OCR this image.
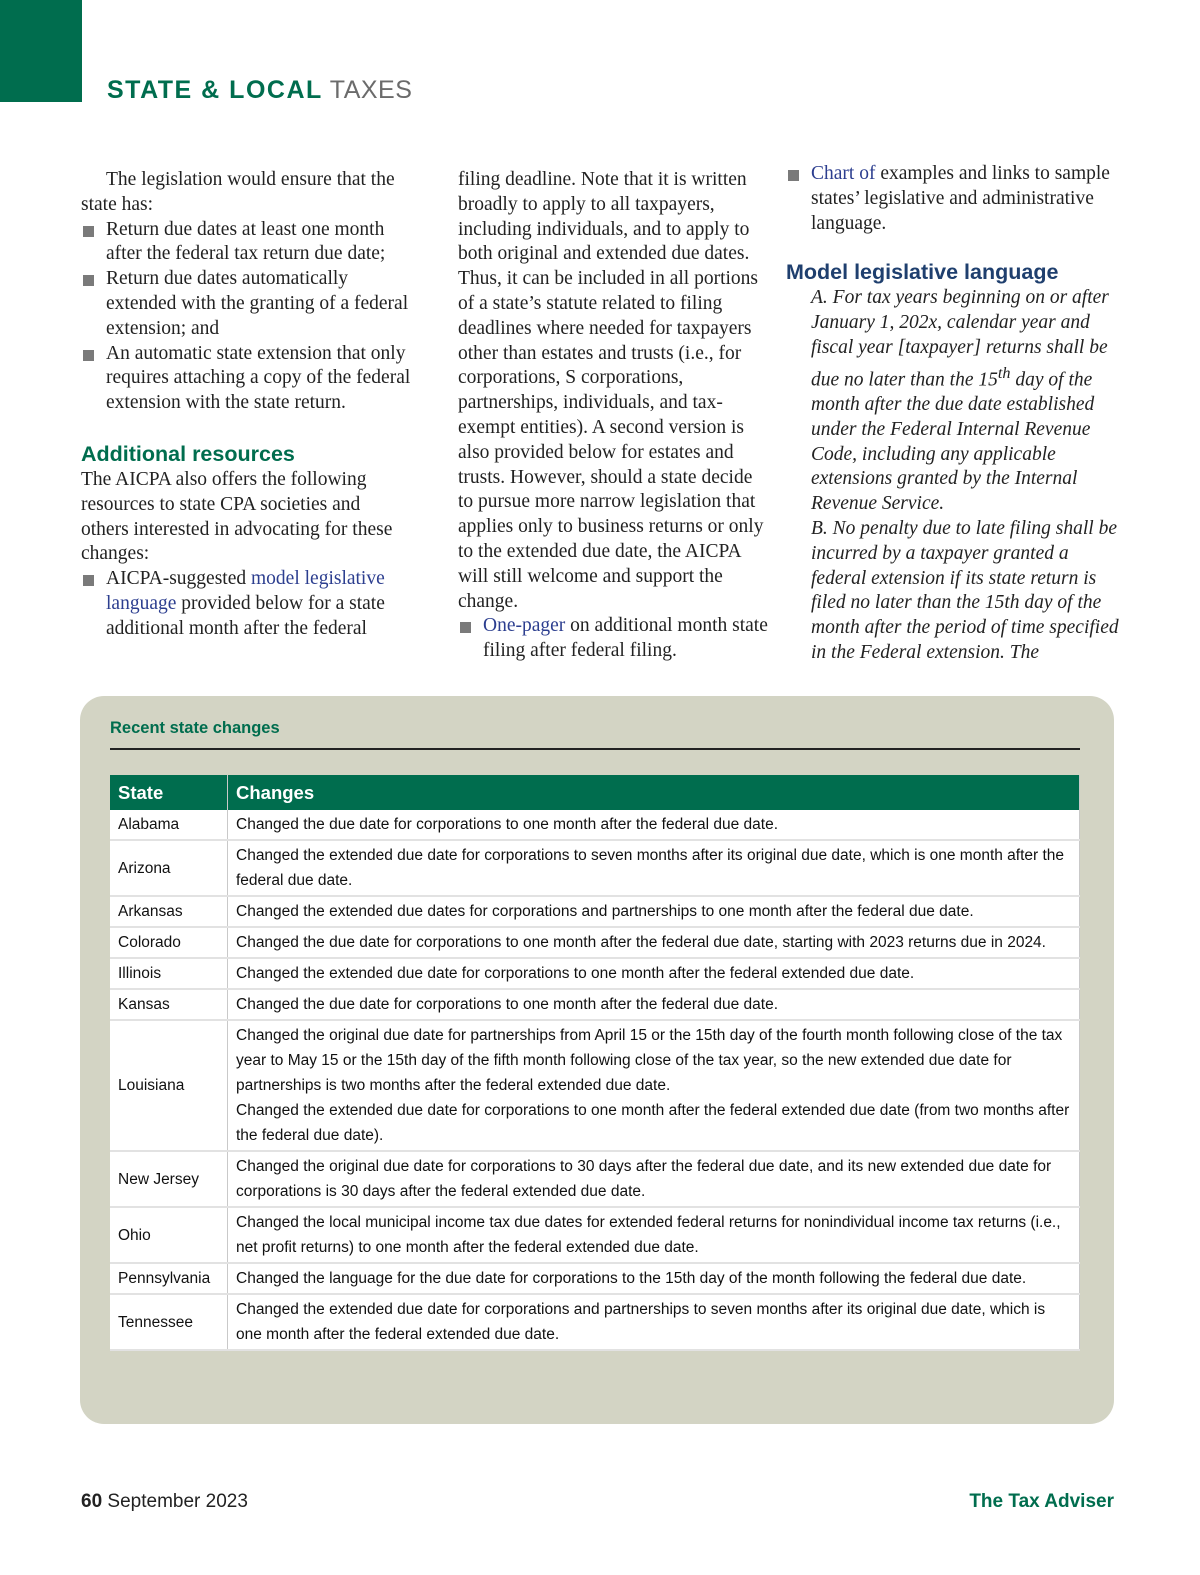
STATE & LOCAL TAXES

The legislation would ensure that the state has:

Return due dates at least one month after the federal tax return due date;

Return due dates automatically extended with the granting of a federal extension; and

An automatic state extension that only requires attaching a copy of the federal extension with the state return.

Additional resources

The AICPA also offers the following resources to state CPA societies and others interested in advocating for these changes:

AICPA-suggested model legislative language provided below for a state additional month after the federal

filing deadline. Note that it is written broadly to apply to all taxpayers, including individuals, and to apply to both original and extended due dates. Thus, it can be included in all portions of a state’s statute related to filing deadlines where needed for taxpayers other than estates and trusts (i.e., for corporations, S corporations, partnerships, individuals, and tax-exempt entities). A second version is also provided below for estates and trusts. However, should a state decide to pursue more narrow legislation that applies only to business returns or only to the extended due date, the AICPA will still welcome and support the change.

One-pager on additional month state filing after federal filing.

Chart of examples and links to sample states’ legislative and administrative language.

Model legislative language

A. For tax years beginning on or after January 1, 202x, calendar year and fiscal year [taxpayer] returns shall be due no later than the 15th day of the month after the due date established under the Federal Internal Revenue Code, including any applicable extensions granted by the Internal Revenue Service.

B. No penalty due to late filing shall be incurred by a taxpayer granted a federal extension if its state return is filed no later than the 15th day of the month after the period of time specified in the Federal extension. The

Recent state changes
State	Changes
Alabama	Changed the due date for corporations to one month after the federal due date.

Arizona	Changed the extended due date for corporations to seven months after its original due date, which is one month after the federal due date.

Arkansas	Changed the extended due dates for corporations and partnerships to one month after the federal due date.

Colorado	Changed the due date for corporations to one month after the federal due date, starting with 2023 returns due in 2024.

Illinois	Changed the extended due date for corporations to one month after the federal extended due date.

Kansas	Changed the due date for corporations to one month after the federal due date.

Louisiana	Changed the original due date for partnerships from April 15 or the 15th day of the fourth month following close of the tax year to May 15 or the 15th day of the fifth month following close of the tax year, so the new extended due date for partnerships is two months after the federal extended due date.

Changed the extended due date for corporations to one month after the federal extended due date (from two months after the federal due date).

New Jersey	Changed the original due date for corporations to 30 days after the federal due date, and its new extended due date for corporations is 30 days after the federal extended due date.

Ohio	Changed the local municipal income tax due dates for extended federal returns for nonindividual income tax returns (i.e., net profit returns) to one month after the federal extended due date.

Pennsylvania	Changed the language for the due date for corporations to the 15th day of the month following the federal due date.

Tennessee	Changed the extended due date for corporations and partnerships to seven months after its original due date, which is one month after the federal extended due date.

60 September 2023	The Tax Adviser
